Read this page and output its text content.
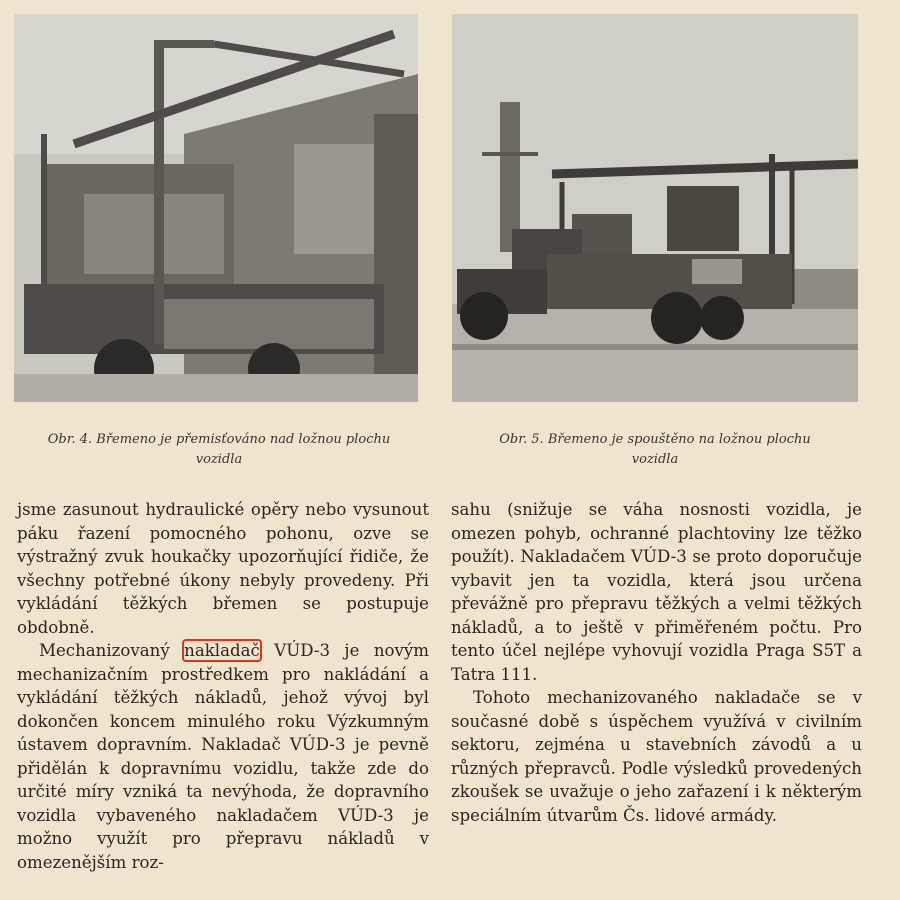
Obr. 4. Břemeno je přemisťováno nad ložnou plochu
vozidla
Obr. 5. Břemeno je spouštěno na ložnou plochu
vozidla

jsme zasunout hydraulické opěry nebo vysunout páku řazení pomocného pohonu, ozve se výstražný zvuk houkačky upozorňující řidiče, že všechny potřebné úkony nebyly provedeny. Při vykládání těžkých břemen se postupuje obdobně.

Mechanizovaný nakladač VÚD-3 je novým mechanizačním prostředkem pro nakládání a vykládání těžkých nákladů, jehož vývoj byl dokončen koncem minulého roku Výzkumným ústavem dopravním. Nakladač VÚD-3 je pevně přidělán k dopravnímu vozidlu, takže zde do určité míry vzniká ta nevýhoda, že dopravního vozidla vybaveného nakladačem VÚD-3 je možno využít pro přepravu nákladů v omezenějším roz-

sahu (snižuje se váha nosnosti vozidla, je omezen pohyb, ochranné plachtoviny lze těžko použít). Nakladačem VÚD-3 se proto doporučuje vybavit jen ta vozidla, která jsou určena převážně pro přepravu těžkých a velmi těžkých nákladů, a to ještě v přiměřeném počtu. Pro tento účel nejlépe vyhovují vozidla Praga S5T a Tatra 111.

Tohoto mechanizovaného nakladače se v současné době s úspěchem využívá v civilním sektoru, zejména u stavebních závodů a u různých přepravců. Podle výsledků provedených zkoušek se uvažuje o jeho zařazení i k některým speciálním útvarům Čs. lidové armády.
